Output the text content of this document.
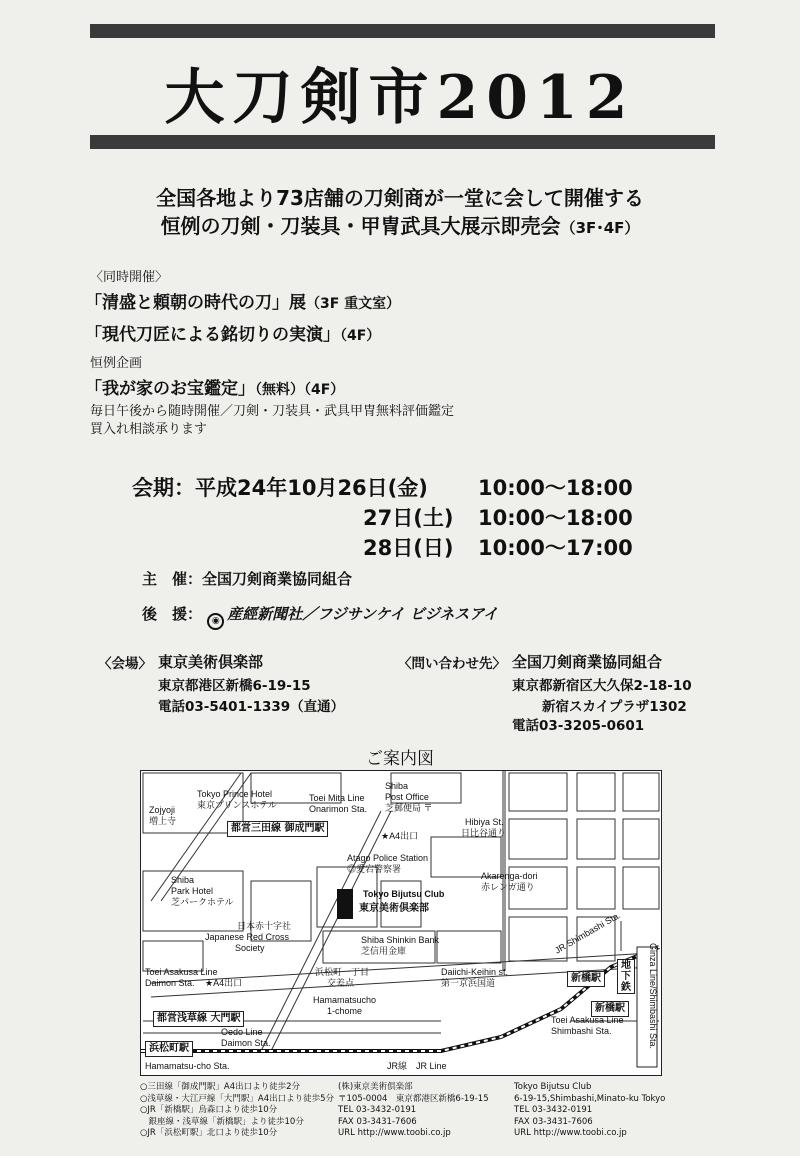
大刀剣市2012
全国各地より73店舗の刀剣商が一堂に会して開催する
恒例の刀剣・刀装具・甲冑武具大展示即売会（3F･4F）
〈同時開催〉
「清盛と頼朝の時代の刀」展（3F 重文室）
「現代刀匠による銘切りの実演」（4F）
恒例企画
「我が家のお宝鑑定」（無料）（4F）
毎日午後から随時開催／刀剣・刀装具・武具甲冑無料評価鑑定
買入れ相談承ります
会期：平成24年10月26日(金)
27日(土)
28日(日)
10:00〜18:00
10:00〜18:00
10:00〜17:00
主　催：全国刀剣商業協同組合
後　援： ◉ 産經新聞社／フジサンケイ ビジネスアイ
〈会場〉 東京美術倶楽部
東京都港区新橋6-19-15
電話03-5401-1339（直通）
〈問い合わせ先〉 全国刀剣商業協同組合
東京都新宿区大久保2-18-10
新宿スカイプラザ1302
電話03-3205-0601
ご案内図
都営三田線 御成門駅
都営浅草線 大門駅
浜松町駅
新橋駅
新橋駅
地
下
鉄
Tokyo Prince Hotel
東京プリンスホテル
Zojyoji
増上寺
Toei Mita Line
Onarimon Sta.
Shiba
Post Office
芝郵便局 〒
★A4出口
Hibiya St.
日比谷通り
Atago Police Station
◎愛宕警察署
Akarenga-dori
赤レンガ通り
Shiba
Park Hotel
芝パークホテル
Tokyo Bijutsu Club
東京美術倶楽部
日本赤十字社
Japanese Red Cross
Society
Shiba Shinkin Bank
芝信用金庫
Toei Asakusa Line
Daimon Sta. ★A4出口
浜松町一丁目
交差点
Hamamatsucho
1-chome
Daiichi-Keihin st.
第一京浜国道
Oedo Line
Daimon Sta.
JR Shimbashi Sta.
Toei Asakusa Line
Shimbashi Sta.	Ginza Line/Shimbashi Sta.
Hamamatsu-cho Sta.	JR線　JR Line
○三田線「御成門駅」A4出口より徒歩2分
○浅草線・大江戸線「大門駅」A4出口より徒歩5分
○JR「新橋駅」烏森口より徒歩10分
　銀座線・浅草線「新橋駅」より徒歩10分
○JR「浜松町駅」北口より徒歩10分
(株)東京美術倶楽部
〒105-0004　東京都港区新橋6-19-15
TEL 03-3432-0191
FAX 03-3431-7606
URL http://www.toobi.co.jp
Tokyo Bijutsu Club
6-19-15,Shimbashi,Minato-ku Tokyo
TEL 03-3432-0191
FAX 03-3431-7606
URL http://www.toobi.co.jp
